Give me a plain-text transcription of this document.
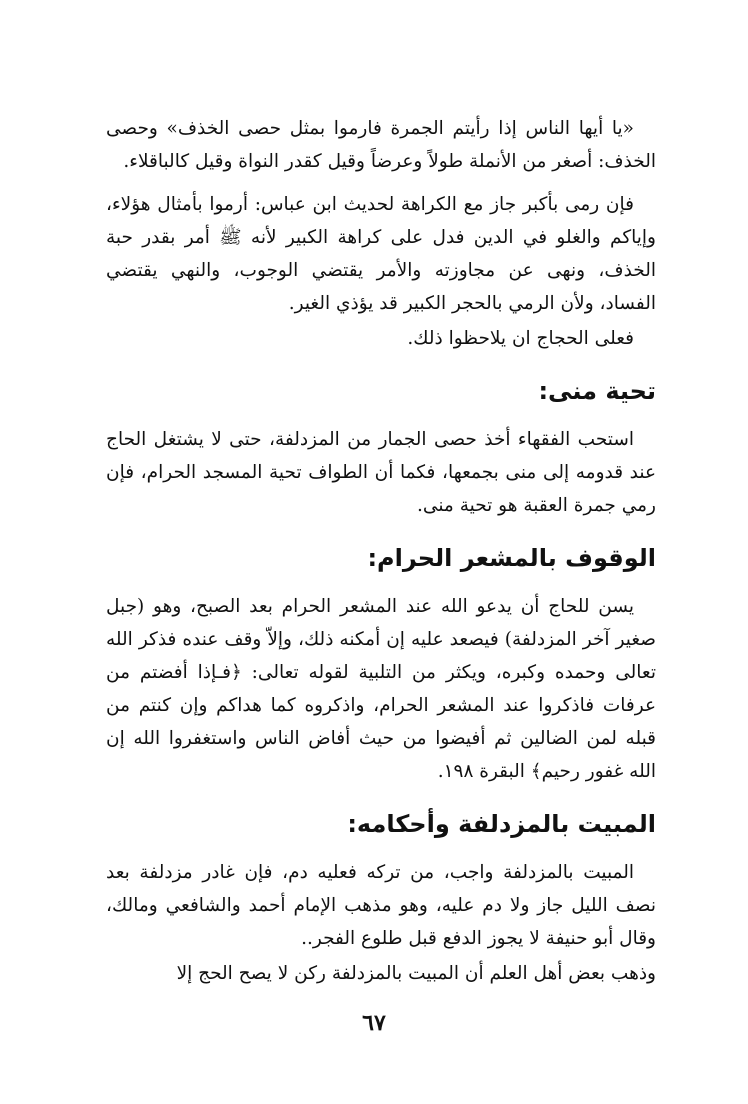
«يا أيها الناس إذا رأيتم الجمرة فارموا بمثل حصى الخذف» وحصى الخذف: أصغر من الأنملة طولاً وعرضاً وقيل كقدر النواة وقيل كالباقلاء.

فإن رمى بأكبر جاز مع الكراهة لحديث ابن عباس: أرموا بأمثال هؤلاء، وإياكم والغلو في الدين فدل على كراهة الكبير لأنه ﷺ أمر بقدر حبة الخذف، ونهى عن مجاوزته والأمر يقتضي الوجوب، والنهي يقتضي الفساد، ولأن الرمي بالحجر الكبير قد يؤذي الغير.

فعلى الحجاج ان يلاحظوا ذلك.

تحية منى:

استحب الفقهاء أخذ حصى الجمار من المزدلفة، حتى لا يشتغل الحاج عند قدومه إلى منى بجمعها، فكما أن الطواف تحية المسجد الحرام، فإن رمي جمرة العقبة هو تحية منى.

الوقوف بالمشعر الحرام:

يسن للحاج أن يدعو الله عند المشعر الحرام بعد الصبح، وهو (جبل صغير آخر المزدلفة) فيصعد عليه إن أمكنه ذلك، وإلاّ وقف عنده فذكر الله تعالى وحمده وكبره، ويكثر من التلبية لقوله تعالى: ﴿فـإذا أفضتم من عرفات فاذكروا عند المشعر الحرام، واذكروه كما هداكم وإن كنتم من قبله لمن الضالين ثم أفيضوا من حيث أفاض الناس واستغفروا الله إن الله غفور رحيم﴾ البقرة ١٩٨.

المبيت بالمزدلفة وأحكامه:

المبيت بالمزدلفة واجب، من تركه فعليه دم، فإن غادر مزدلفة بعد نصف الليل جاز ولا دم عليه، وهو مذهب الإمام أحمد والشافعي ومالك، وقال أبو حنيفة لا يجوز الدفع قبل طلوع الفجر..

وذهب بعض أهل العلم أن المبيت بالمزدلفة ركن لا يصح الحج إلا

٦٧
